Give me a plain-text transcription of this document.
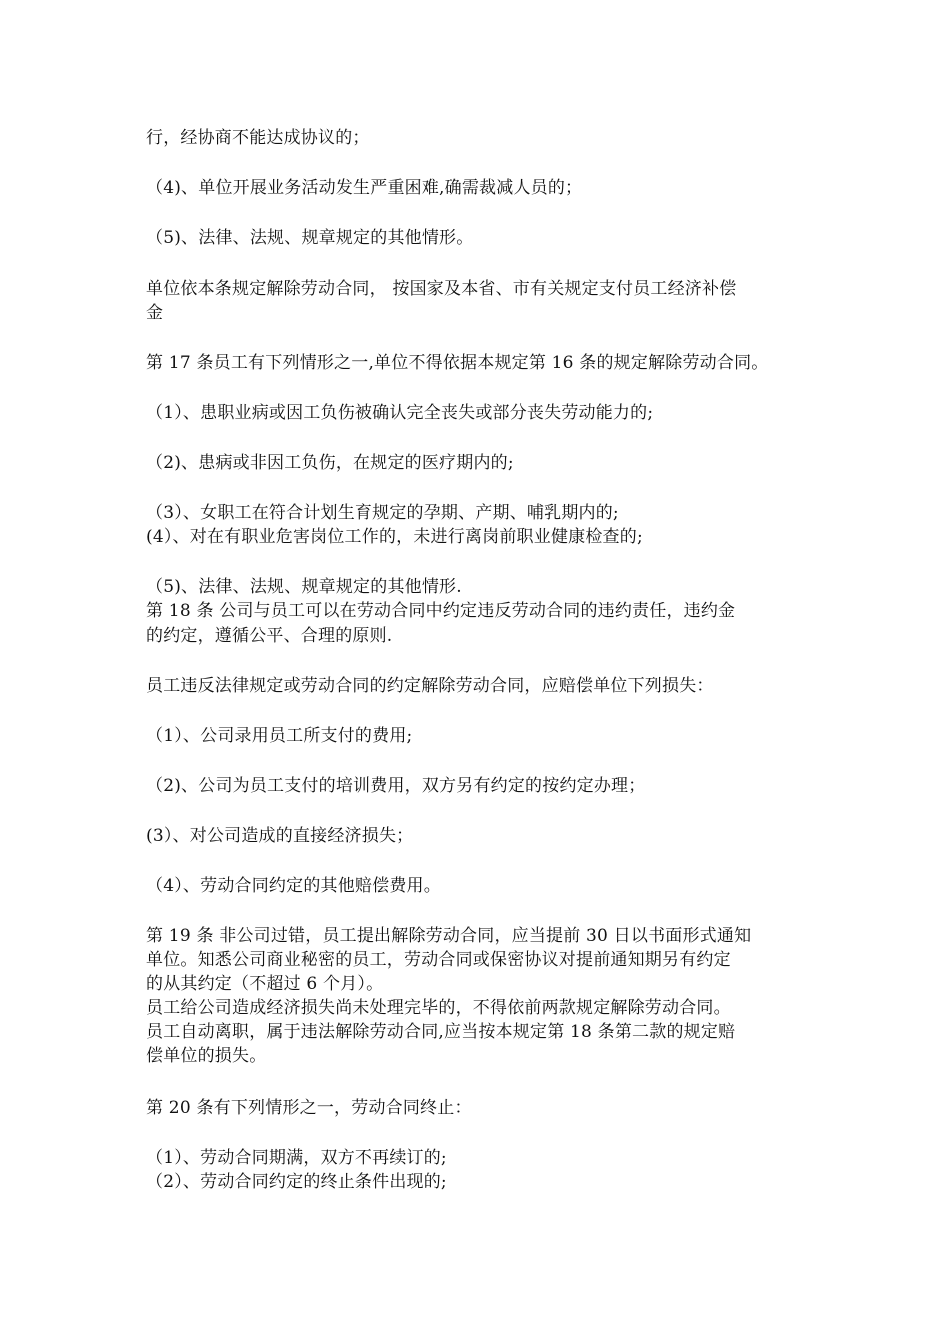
行，经协商不能达成协议的；
（4)、单位开展业务活动发生严重困难,确需裁减人员的；
（5)、法律、法规、规章规定的其他情形。
单位依本条规定解除劳动合同， 按国家及本省、市有关规定支付员工经济补偿
金
第 17 条员工有下列情形之一,单位不得依据本规定第 16 条的规定解除劳动合同。
（1）、患职业病或因工负伤被确认完全丧失或部分丧失劳动能力的;
（2)、患病或非因工负伤，在规定的医疗期内的;
（3）、女职工在符合计划生育规定的孕期、产期、哺乳期内的;
(4）、对在有职业危害岗位工作的，未进行离岗前职业健康检查的;
（5)、法律、法规、规章规定的其他情形.
第 18 条 公司与员工可以在劳动合同中约定违反劳动合同的违约责任，违约金
的约定，遵循公平、合理的原则.
员工违反法律规定或劳动合同的约定解除劳动合同，应赔偿单位下列损失：
（1）、公司录用员工所支付的费用;
（2)、公司为员工支付的培训费用，双方另有约定的按约定办理；
(3）、对公司造成的直接经济损失；
（4）、劳动合同约定的其他赔偿费用。
第 19 条 非公司过错，员工提出解除劳动合同，应当提前 30 日以书面形式通知
单位。知悉公司商业秘密的员工，劳动合同或保密协议对提前通知期另有约定
的从其约定（不超过 6 个月）。
员工给公司造成经济损失尚未处理完毕的，不得依前两款规定解除劳动合同。
员工自动离职，属于违法解除劳动合同,应当按本规定第 18 条第二款的规定赔
偿单位的损失。
第 20 条有下列情形之一，劳动合同终止：
（1）、劳动合同期满，双方不再续订的;
（2）、劳动合同约定的终止条件出现的;
